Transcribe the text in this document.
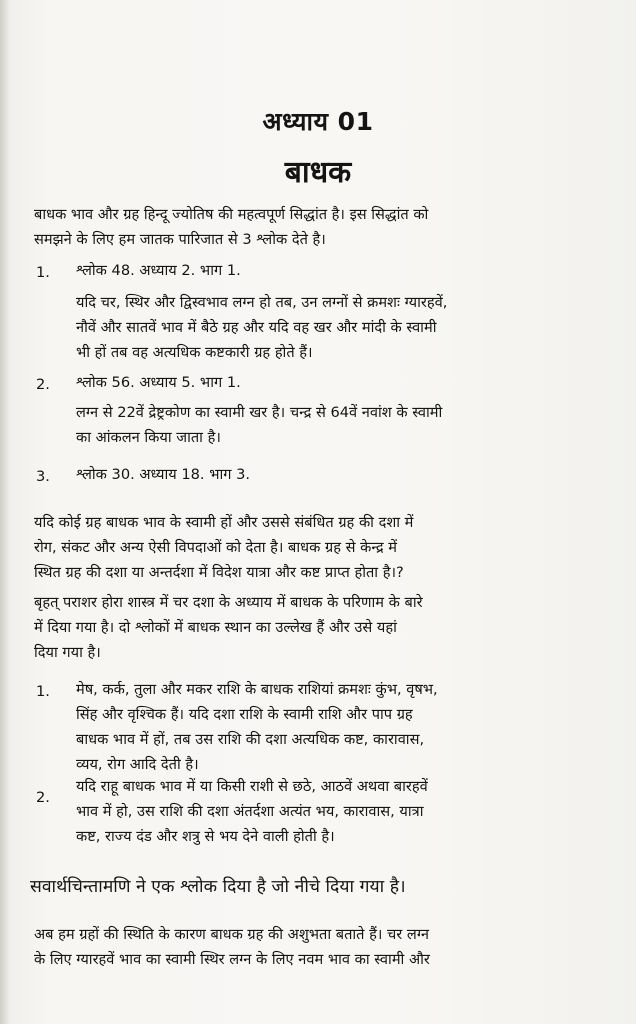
अध्याय 01
बाधक
बाधक भाव और ग्रह हिन्दू ज्योतिष की महत्वपूर्ण सिद्धांत है। इस सिद्धांत को
समझने के लिए हम जातक पारिजात से 3 श्लोक देते है।
1. श्लोक 48. अध्याय 2. भाग 1.
यदि चर, स्थिर और द्विस्वभाव लग्न हो तब, उन लग्नों से क्रमशः ग्यारहवें,
नौवें और सातवें भाव में बैठे ग्रह और यदि वह खर और मांदी के स्वामी
भी हों तब वह अत्यधिक कष्टकारी ग्रह होते हैं।
2. श्लोक 56. अध्याय 5. भाग 1.
लग्न से 22वें द्रेष्ट्रकोण का स्वामी खर है। चन्द्र से 64वें नवांश के स्वामी
का आंकलन किया जाता है।
3. श्लोक 30. अध्याय 18. भाग 3.
यदि कोई ग्रह बाधक भाव के स्वामी हों और उससे संबंधित ग्रह की दशा में
रोग, संकट और अन्य ऐसी विपदाओं को देता है। बाधक ग्रह से केन्द्र में
स्थित ग्रह की दशा या अन्तर्दशा में विदेश यात्रा और कष्ट प्राप्त होता है।?
बृहत् पराशर होरा शास्त्र में चर दशा के अध्याय में बाधक के परिणाम के बारे
में दिया गया है। दो श्लोकों में बाधक स्थान का उल्लेख हैं और उसे यहां
दिया गया है।
1. मेष, कर्क, तुला और मकर राशि के बाधक राशियां क्रमशः कुंभ, वृषभ,
सिंह और वृश्चिक हैं। यदि दशा राशि के स्वामी राशि और पाप ग्रह
बाधक भाव में हों, तब उस राशि की दशा अत्यधिक कष्ट, कारावास,
व्यय, रोग आदि देती है।
2.
यदि राहू बाधक भाव में या किसी राशी से छठे, आठवें अथवा बारहवें
भाव में हो, उस राशि की दशा अंतर्दशा अत्यंत भय, कारावास, यात्रा
कष्ट, राज्य दंड और शत्रु से भय देने वाली होती है।
सवार्थचिन्तामणि ने एक श्लोक दिया है जो नीचे दिया गया है।
अब हम ग्रहों की स्थिति के कारण बाधक ग्रह की अशुभता बताते हैं। चर लग्न
के लिए ग्यारहवें भाव का स्वामी स्थिर लग्न के लिए नवम भाव का स्वामी और
